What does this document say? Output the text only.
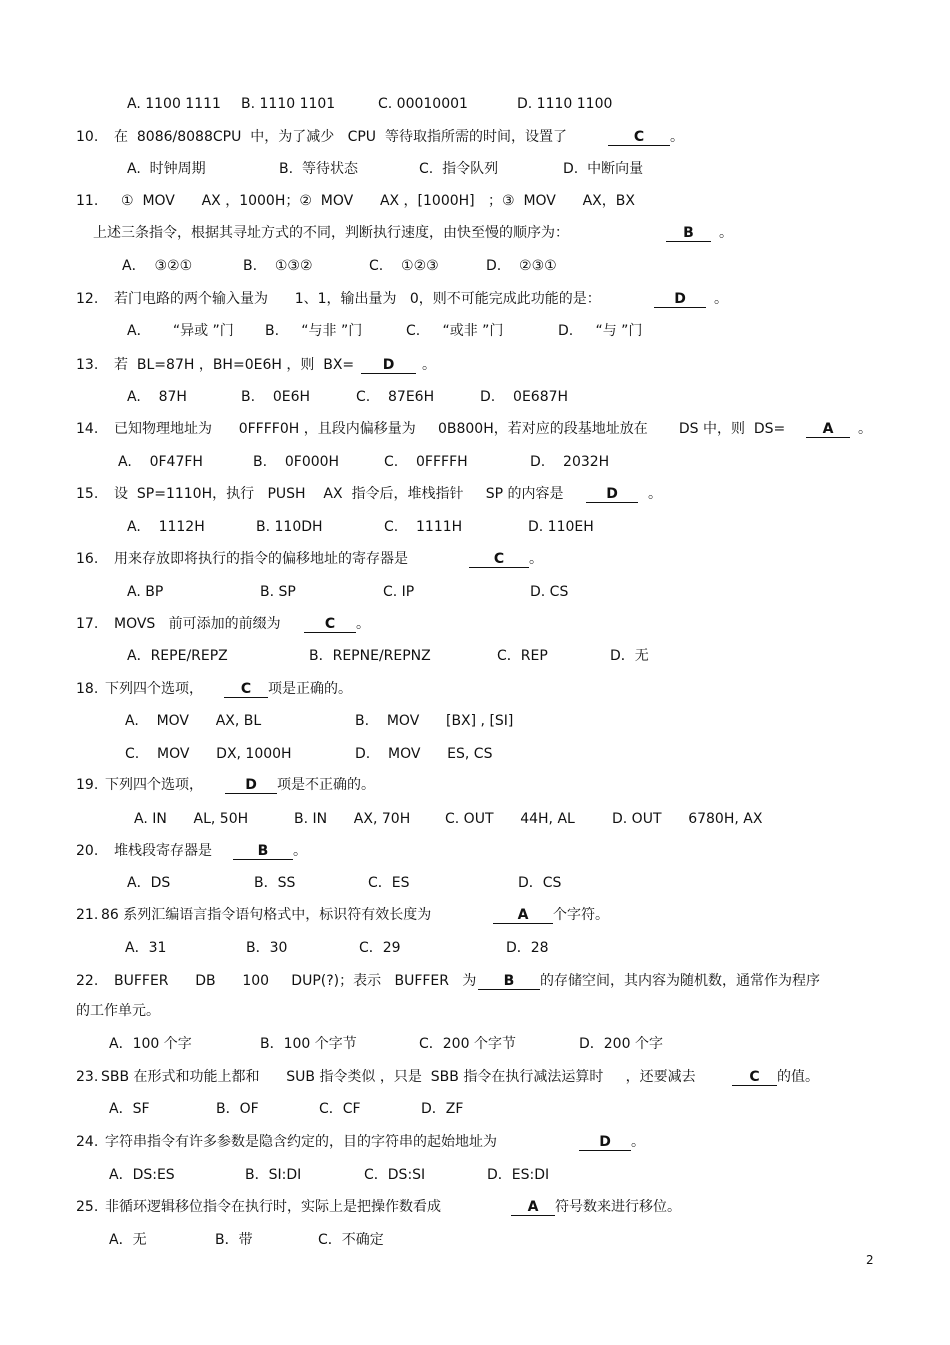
A. 1100 1111 B. 1110 1101	C. 00010001	D. 1110 1100
10. 在  8086/8088CPU  中，为了减少   CPU  等待取指所需的时间，设置了	C 。
A.  时钟周期	B.  等待状态	C.  指令队列	D.  中断向量
11. ①  MOV      AX ，1000H；②  MOV      AX ，[1000H]   ；③  MOV      AX，BX
上述三条指令，根据其寻址方式的不同，判断执行速度，由快至慢的顺序为：	B 。
A．  ③②①	B.    ①③②	C.    ①②③	D.    ②③①
12. 若门电路的两个输入量为      1、1，输出量为   0，则不可能完成此功能的是：	D 。
A．     “异或 ”门 B.     “与非 ”门	C.     “或非 ”门	D.     “与 ”门
13. 若  BL=87H ，BH=0E6H ，则  BX=	D 。
A.    87H	B.    0E6H	C.    87E6H	D.    0E687H
14. 已知物理地址为      0FFFF0H ，且段内偏移量为     0B800H，若对应的段基地址放在       DS 中，则  DS=	A 。
A.    0F47FH	B.    0F000H	C.    0FFFFH	D.    2032H
15. 设  SP=1110H，执行   PUSH    AX  指令后，堆栈指针     SP 的内容是	D 。
A.    1112H	B. 110DH	C.    1111H	D. 110EH
16. 用来存放即将执行的指令的偏移地址的寄存器是	C 。
A. BP	B. SP	C. IP	D. CS
17. MOVS   前可添加的前缀为	C 。
A．REPE/REPZ	B．REPNE/REPNZ	C．REP	D．无
18. 下列四个选项，	C 项是正确的。
A.    MOV      AX, BL	B.    MOV      [BX] , [SI]
C.    MOV      DX, 1000H	D.    MOV      ES, CS
19. 下列四个选项，	D 项是不正确的。
A. IN      AL, 50H	B. IN      AX, 70H C. OUT      44H, AL	D. OUT      6780H, AX
20. 堆栈段寄存器是	B 。
A．DS	B．SS	C．ES	D．CS
21. 86 系列汇编语言指令语句格式中，标识符有效长度为	A 个字符。
A．31	B．30	C．29	D．28
22. BUFFER      DB      100     DUP(?)；表示   BUFFER   为	B 的存储空间，其内容为随机数，通常作为程序
的工作单元。
A．100 个字	B．100 个字节	C．200 个字节	D．200 个字
23. SBB 在形式和功能上都和      SUB 指令类似 ，只是  SBB 指令在执行减法运算时     ，还要减去	C 的值。
A．SF	B．OF	C．CF	D．ZF
24. 字符串指令有许多参数是隐含约定的，目的字符串的起始地址为	D 。
A．DS:ES	B．SI:DI	C．DS:SI	D．ES:DI
25. 非循环逻辑移位指令在执行时，实际上是把操作数看成	A 符号数来进行移位。
A．无	B．带	C．不确定
2
